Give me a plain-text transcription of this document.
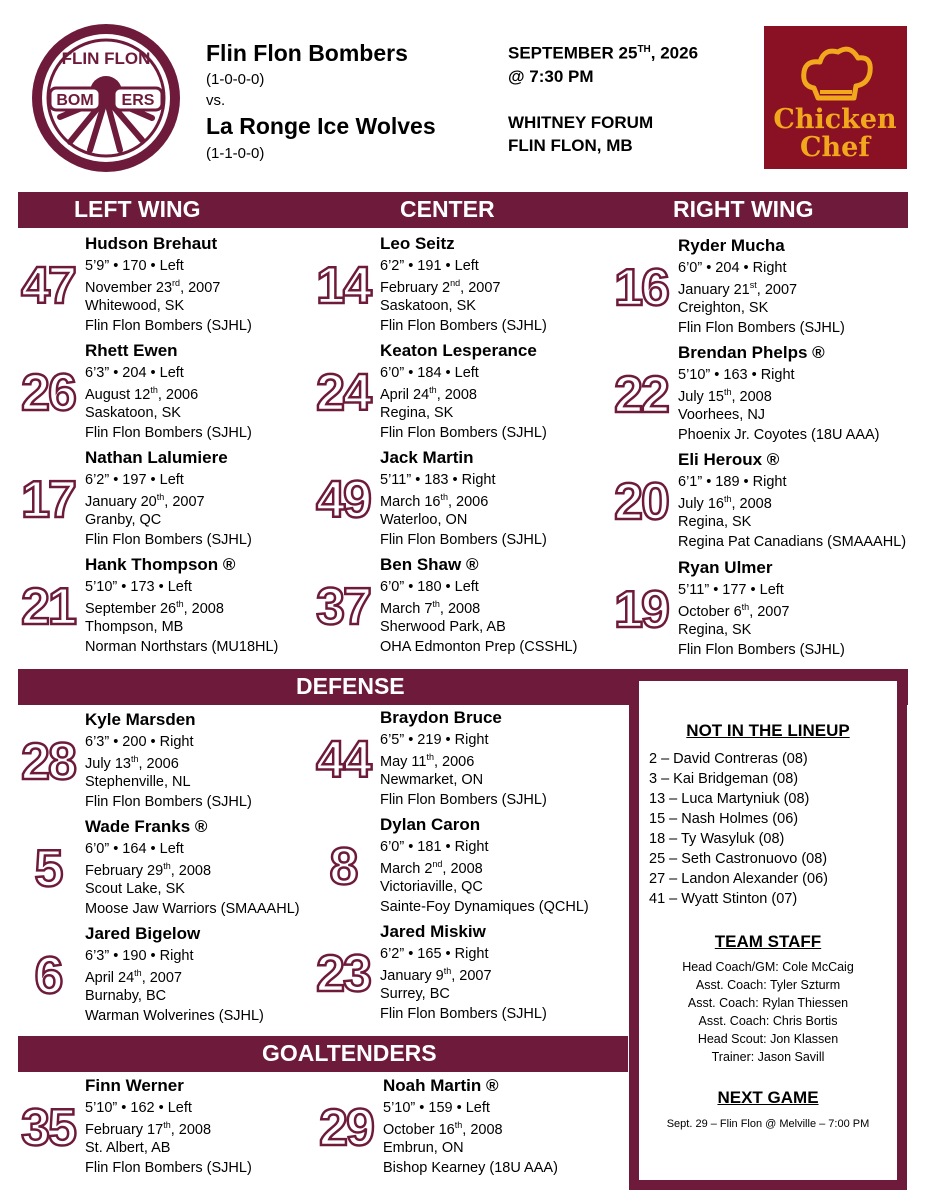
BOM ERS
FLIN FLON Flin Flon Bombers
(1-0-0-0)
vs.
La Ronge Ice Wolves
(1-1-0-0)
SEPTEMBER 25TH, 2026
@ 7:30 PM
WHITNEY FORUM
FLIN FLON, MB
Chicken
Chef
LEFT WING	CENTER	RIGHT WING
DEFENSE
GOALTENDERS
NOT IN THE LINEUP
2 – David Contreras (08)
3 – Kai Bridgeman (08)
13 – Luca Martyniuk (08)
15 – Nash Holmes (06)
18 – Ty Wasyluk (08)
25 – Seth Castronuovo (08)
27 – Landon Alexander (06)
41 – Wyatt Stinton (07)
TEAM STAFF
Head Coach/GM: Cole McCaig
Asst. Coach: Tyler Szturm
Asst. Coach: Rylan Thiessen
Asst. Coach: Chris Bortis
Head Scout: Jon Klassen
Trainer: Jason Savill
NEXT GAME
Sept. 29 – Flin Flon @ Melville – 7:00 PM
47
Hudson Brehaut
5’9” • 170 • Left
November 23rd, 2007
Whitewood, SK
Flin Flon Bombers (SJHL)
26
Rhett Ewen
6’3” • 204 • Left
August 12th, 2006
Saskatoon, SK
Flin Flon Bombers (SJHL)
17
Nathan Lalumiere
6’2” • 197 • Left
January 20th, 2007
Granby, QC
Flin Flon Bombers (SJHL)
21
Hank Thompson ®
5’10” • 173 • Left
September 26th, 2008
Thompson, MB
Norman Northstars (MU18HL)
14
Leo Seitz
6’2” • 191 • Left
February 2nd, 2007
Saskatoon, SK
Flin Flon Bombers (SJHL)
24
Keaton Lesperance
6’0” • 184 • Left
April 24th, 2008
Regina, SK
Flin Flon Bombers (SJHL)
49
Jack Martin
5’11” • 183 • Right
March 16th, 2006
Waterloo, ON
Flin Flon Bombers (SJHL)
37
Ben Shaw ®
6’0” • 180 • Left
March 7th, 2008
Sherwood Park, AB
OHA Edmonton Prep (CSSHL)
16
Ryder Mucha
6’0” • 204 • Right
January 21st, 2007
Creighton, SK
Flin Flon Bombers (SJHL)
22
Brendan Phelps ®
5’10” • 163 • Right
July 15th, 2008
Voorhees, NJ
Phoenix Jr. Coyotes (18U AAA)
20
Eli Heroux ®
6’1” • 189 • Right
July 16th, 2008
Regina, SK
Regina Pat Canadians (SMAAAHL)
19
Ryan Ulmer
5’11” • 177 • Left
October 6th, 2007
Regina, SK
Flin Flon Bombers (SJHL)
28
Kyle Marsden
6’3” • 200 • Right
July 13th, 2006
Stephenville, NL
Flin Flon Bombers (SJHL)
5
Wade Franks ®
6’0” • 164 • Left
February 29th, 2008
Scout Lake, SK
Moose Jaw Warriors (SMAAAHL)
6
Jared Bigelow
6’3” • 190 • Right
April 24th, 2007
Burnaby, BC
Warman Wolverines (SJHL)
44
Braydon Bruce
6’5” • 219 • Right
May 11th, 2006
Newmarket, ON
Flin Flon Bombers (SJHL)
8
Dylan Caron
6’0” • 181 • Right
March 2nd, 2008
Victoriaville, QC
Sainte-Foy Dynamiques (QCHL)
23
Jared Miskiw
6’2” • 165 • Right
January 9th, 2007
Surrey, BC
Flin Flon Bombers (SJHL)
35
Finn Werner
5’10” • 162 • Left
February 17th, 2008
St. Albert, AB
Flin Flon Bombers (SJHL)
29
Noah Martin ®
5’10” • 159 • Left
October 16th, 2008
Embrun, ON
Bishop Kearney (18U AAA)
